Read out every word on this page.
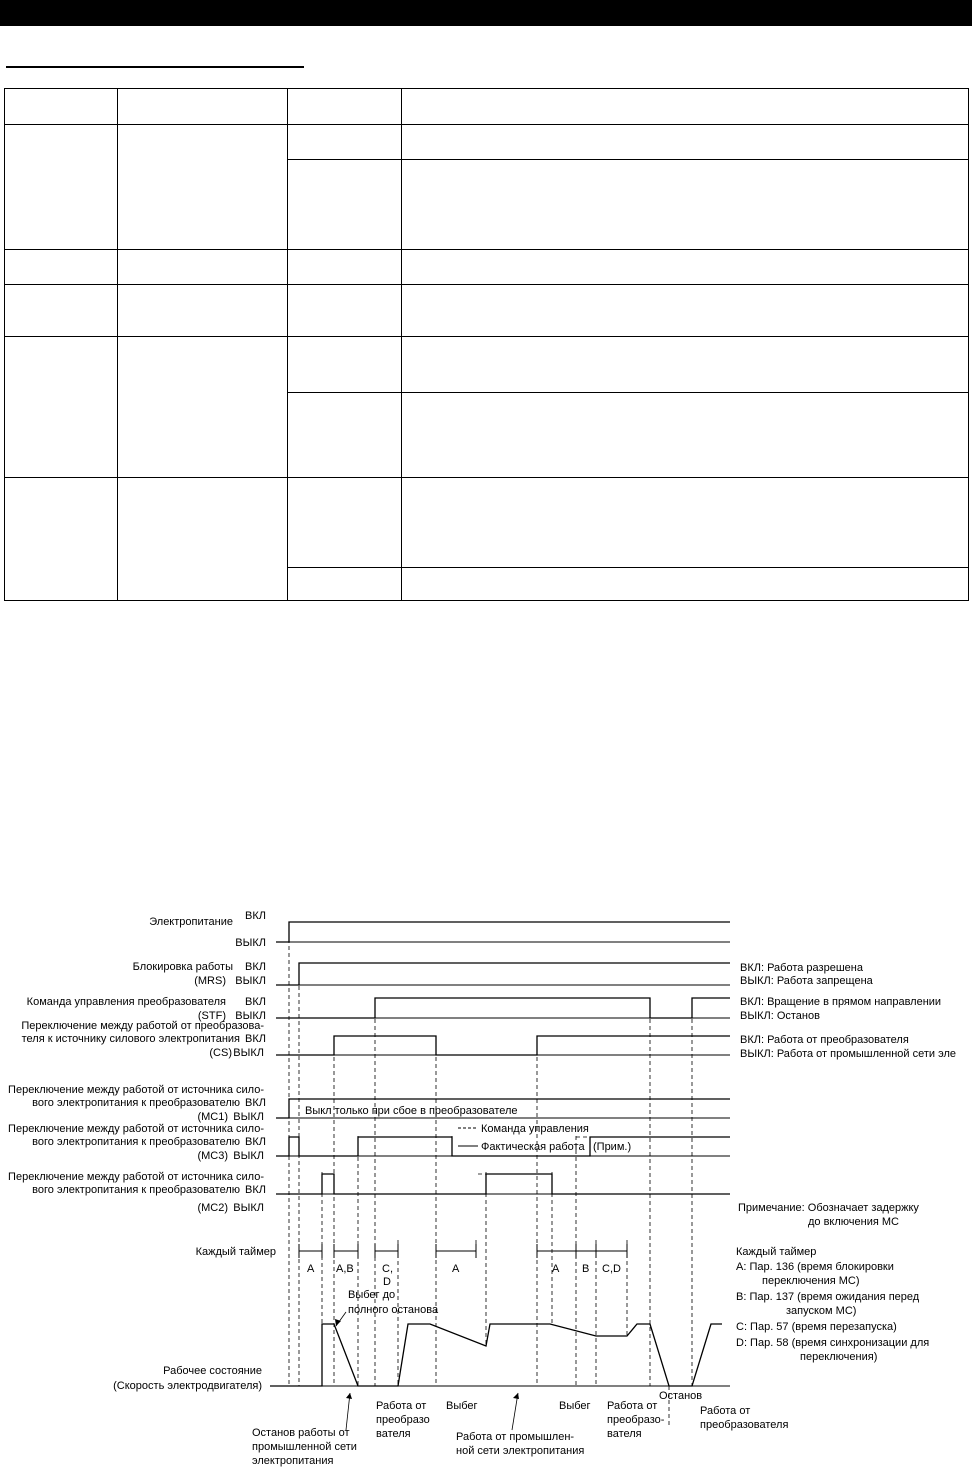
Электропитание ВКЛ
ВЫКЛ
Блокировка работы ВКЛ
(MRS) ВЫКЛ
Команда управления преобразователя ВКЛ
(STF) ВЫКЛ
Переключение между работой от преобразова-
теля к источнику силового электропитания ВКЛ
(CS) ВЫКЛ
Переключение между работой от источника сило-
вого электропитания к преобразователю ВКЛ
(MC1) ВЫКЛ
Переключение между работой от источника сило-
вого электропитания к преобразователю ВКЛ
(MC3) ВЫКЛ
Переключение между работой от источника сило-
вого электропитания к преобразователю ВКЛ
(MC2) ВЫКЛ
Каждый таймер
Рабочее состояние
(Скорость электродвигателя)
ВКЛ: Работа разрешена
ВЫКЛ: Работа запрещена
ВКЛ: Вращение в прямом направлении
ВЫКЛ: Останов
ВКЛ: Работа от преобразователя
ВЫКЛ: Работа от промышленной сети эле
Примечание: Обозначает задержку
до включения MC
Каждый таймер
A: Пар. 136 (время блокировки
переключения MC)
B: Пар. 137 (время ожидания перед
запуском MC)
C: Пар. 57 (время перезапуска)
D: Пар. 58 (время синхронизации для
переключения)
Выкл только при сбое в преобразователе
Команда управления
Фактическая работа (Прим.)
Выбег до
полного останова
A A,B	C,
D
A	A B C,D
Останов работы от
промышленной сети
электропитания
Работа от
преобразо
вателя
Выбег
Работа от промышлен-
ной сети электропитания
Выбег Работа от
преобразо-
вателя
Останов
Работа от
преобразователя
